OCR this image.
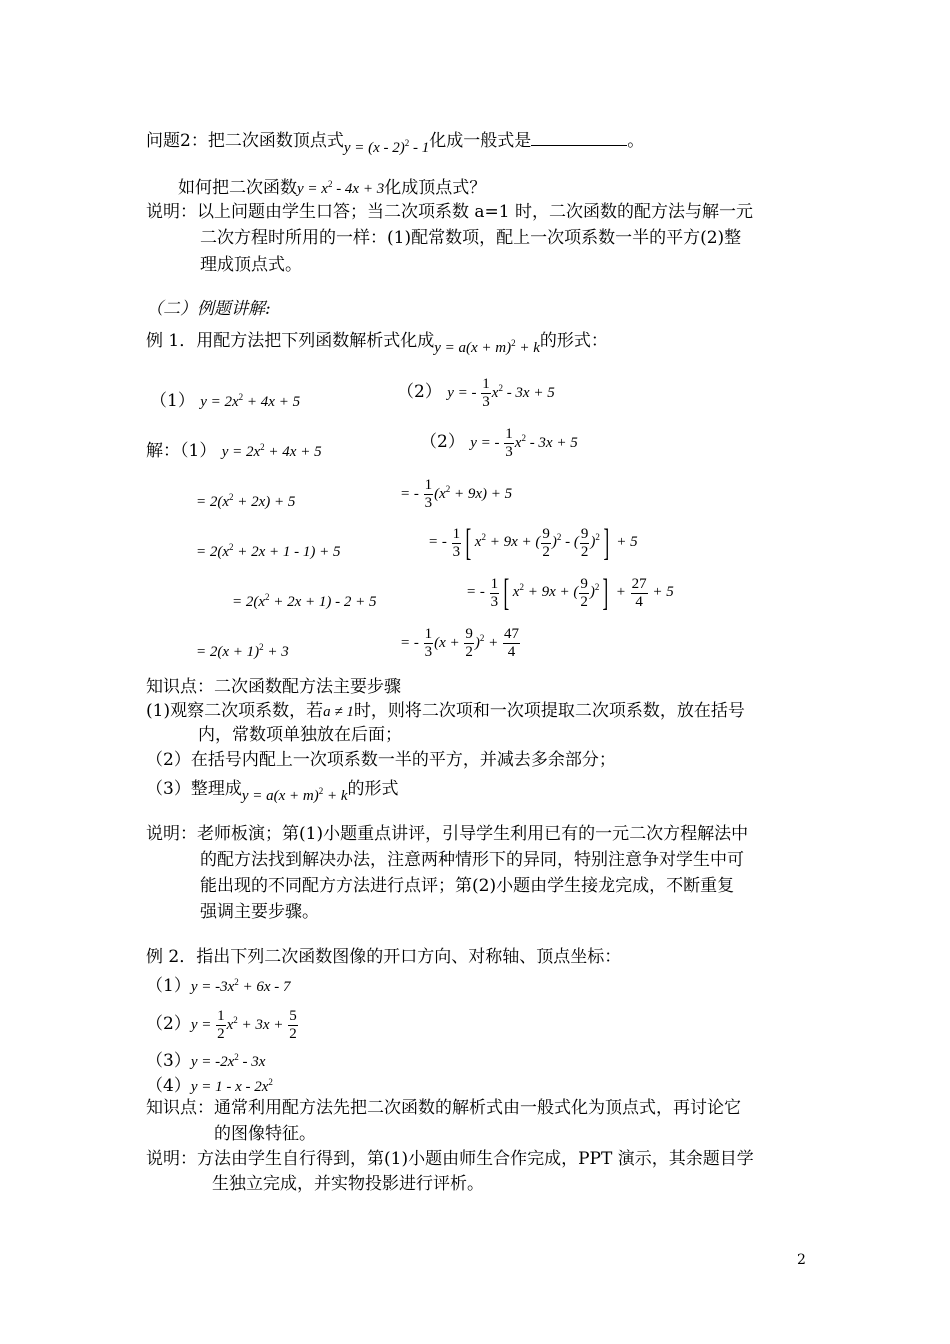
问题2：把二次函数顶点式y = (x - 2)$^2$ - 1化成一般式是	。
如何把二次函数$y = x^2 - 4x + 3$化成顶点式？
说明：以上问题由学生口答；当二次项系数 a=1 时，二次函数的配方法与解一元
二次方程时所用的一样：(1)配常数项，配上一次项系数一半的平方(2)整
理成顶点式。
（二）例题讲解:
例 1．用配方法把下列函数解析式化成$y = a(x + m)^2 + k$的形式：
（1） $y = 2x^2 + 4x + 5$
（2） y = - $\frac{1}{3} x^2 - 3x + 5$
解：（1） $y = 2x^2 + 4x + 5$
（2） y = - $\frac{1}{3} x^2 - 3x + 5$
= $2(x^2 + 2x) + 5$
= $2(x^2 + 2x + 1 - 1) + 5$
= $2(x^2 + 2x + 1) - 2 + 5$
= $2(x + 1)^2 + 3$
= - $\frac{1}{3} (x^2 + 9x) + 5$
= - $\frac{1}{3}$ [ $x^2 + 9x$ + ( $\frac{9}{2} )^2$ - ( $\frac{9}{2} )^2] + 5$
= - $\frac{1}{3}$ [ $x^2 + 9x$ + ( $\frac{9}{2} )^2] + \frac{27}{4} + 5$
= - $\frac{1}{3} (x + \frac{9}{2} )^2 + \frac{47}{4}$
知识点：二次函数配方法主要步骤
(1)观察二次项系数，若a ≠ 1时，则将二次项和一次项提取二次项系数，放在括号
内，常数项单独放在后面；
（2）在括号内配上一次项系数一半的平方，并减去多余部分；
（3）整理成$y = a(x + m)^2 + k$的形式
说明：老师板演；第(1)小题重点讲评，引导学生利用已有的一元二次方程解法中
的配方法找到解决办法，注意两种情形下的异同，特别注意争对学生中可
能出现的不同配方方法进行点评；第(2)小题由学生接龙完成，不断重复
强调主要步骤。
例 2．指出下列二次函数图像的开口方向、对称轴、顶点坐标：
$(1)y = -3x^2 + 6x - 7$
$(2)y = \frac{1}{2} x^2 + 3x + \frac{5}{2}$
$(3)y = -2x^2 - 3x$
$(4)y = 1 - x - 2x^2$
知识点：通常利用配方法先把二次函数的解析式由一般式化为顶点式，再讨论它
的图像特征。
说明：方法由学生自行得到，第(1)小题由师生合作完成，PPT 演示，其余题目学
生独立完成，并实物投影进行评析。
2
